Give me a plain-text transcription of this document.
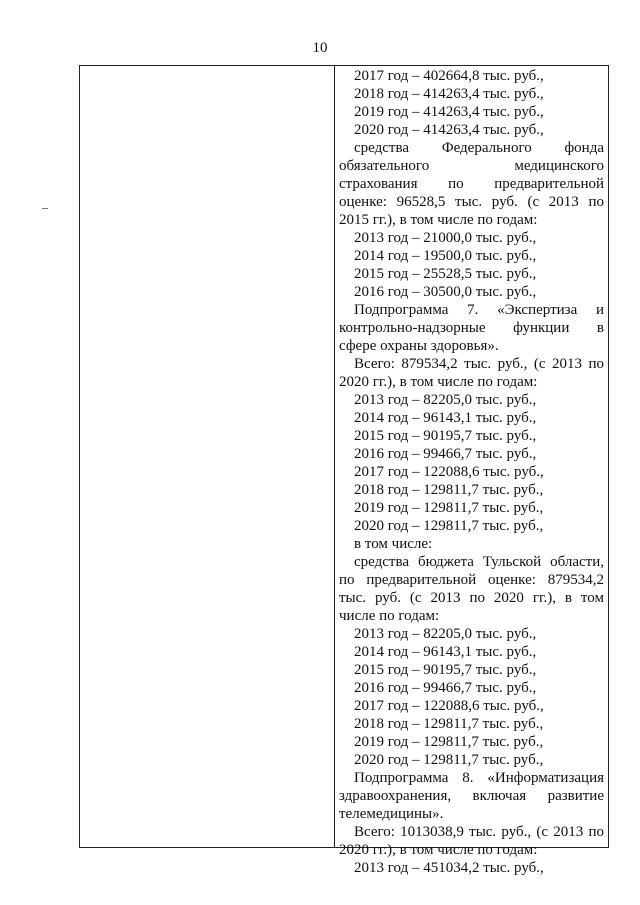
10
2017 год – 402664,8 тыс. руб.,
2018 год – 414263,4 тыс. руб.,
2019 год – 414263,4 тыс. руб.,
2020 год – 414263,4 тыс. руб.,
средства Федерального фонда
обязательного медицинского
страхования по предварительной
оценке: 96528,5 тыс. руб. (с 2013 по
2015 гг.), в том числе по годам:
2013 год – 21000,0 тыс. руб.,
2014 год – 19500,0 тыс. руб.,
2015 год – 25528,5 тыс. руб.,
2016 год – 30500,0 тыс. руб.,
Подпрограмма 7. «Экспертиза и
контрольно-надзорные функции в
сфере охраны здоровья».
Всего: 879534,2 тыс. руб., (с 2013 по
2020 гг.), в том числе по годам:
2013 год – 82205,0 тыс. руб.,
2014 год – 96143,1 тыс. руб.,
2015 год – 90195,7 тыс. руб.,
2016 год – 99466,7 тыс. руб.,
2017 год – 122088,6 тыс. руб.,
2018 год – 129811,7 тыс. руб.,
2019 год – 129811,7 тыс. руб.,
2020 год – 129811,7 тыс. руб.,
в том числе:
средства бюджета Тульской области,
по предварительной оценке: 879534,2
тыс. руб. (с 2013 по 2020 гг.), в том
числе по годам:
2013 год – 82205,0 тыс. руб.,
2014 год – 96143,1 тыс. руб.,
2015 год – 90195,7 тыс. руб.,
2016 год – 99466,7 тыс. руб.,
2017 год – 122088,6 тыс. руб.,
2018 год – 129811,7 тыс. руб.,
2019 год – 129811,7 тыс. руб.,
2020 год – 129811,7 тыс. руб.,
Подпрограмма 8. «Информатизация
здравоохранения, включая развитие
телемедицины».
Всего: 1013038,9 тыс. руб., (с 2013 по
2020 гг.), в том числе по годам:
2013 год – 451034,2 тыс. руб.,
